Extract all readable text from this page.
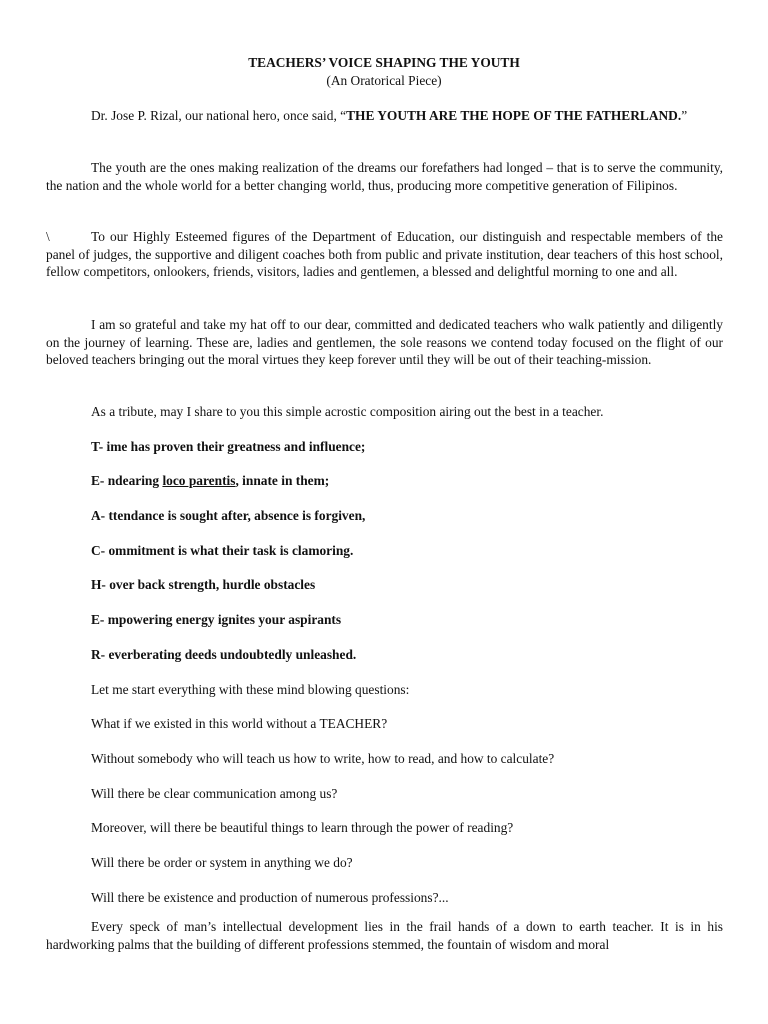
TEACHERS’ VOICE SHAPING THE YOUTH
(An Oratorical Piece)

Dr. Jose P. Rizal, our national hero, once said, “THE YOUTH ARE THE HOPE OF THE FATHERLAND.”

The youth are the ones making realization of the dreams our forefathers had longed – that is to serve the community, the nation and the whole world for a better changing world, thus, producing more competitive generation of Filipinos.

\	To our Highly Esteemed figures of the Department of Education, our distinguish and respectable members of the panel of judges, the supportive and diligent coaches both from public and private institution, dear teachers of this host school, fellow competitors, onlookers, friends, visitors, ladies and gentlemen, a blessed and delightful morning to one and all.

I am so grateful and take my hat off to our dear, committed and dedicated teachers who walk patiently and diligently on the journey of learning. These are, ladies and gentlemen, the sole reasons we contend today focused on the flight of our beloved teachers bringing out the moral virtues they keep forever until they will be out of their teaching-mission.

As a tribute, may I share to you this simple acrostic composition airing out the best in a teacher.
T- ime has proven their greatness and influence;
E- ndearing loco parentis, innate in them;
A- ttendance is sought after, absence is forgiven,
C- ommitment is what their task is clamoring.
H- over back strength, hurdle obstacles
E- mpowering energy ignites your aspirants
R- everberating deeds undoubtedly unleashed.
Let me start everything with these mind blowing questions:
What if we existed in this world without a TEACHER?
Without somebody who will teach us how to write, how to read, and how to calculate?
Will there be clear communication among us?
Moreover, will there be beautiful things to learn through the power of reading?
Will there be order or system in anything we do?
Will there be existence and production of numerous professions?...

Every speck of man’s intellectual development lies in the frail hands of a down to earth teacher. It is in his hardworking palms that the building of different professions stemmed, the fountain of wisdom and moral
